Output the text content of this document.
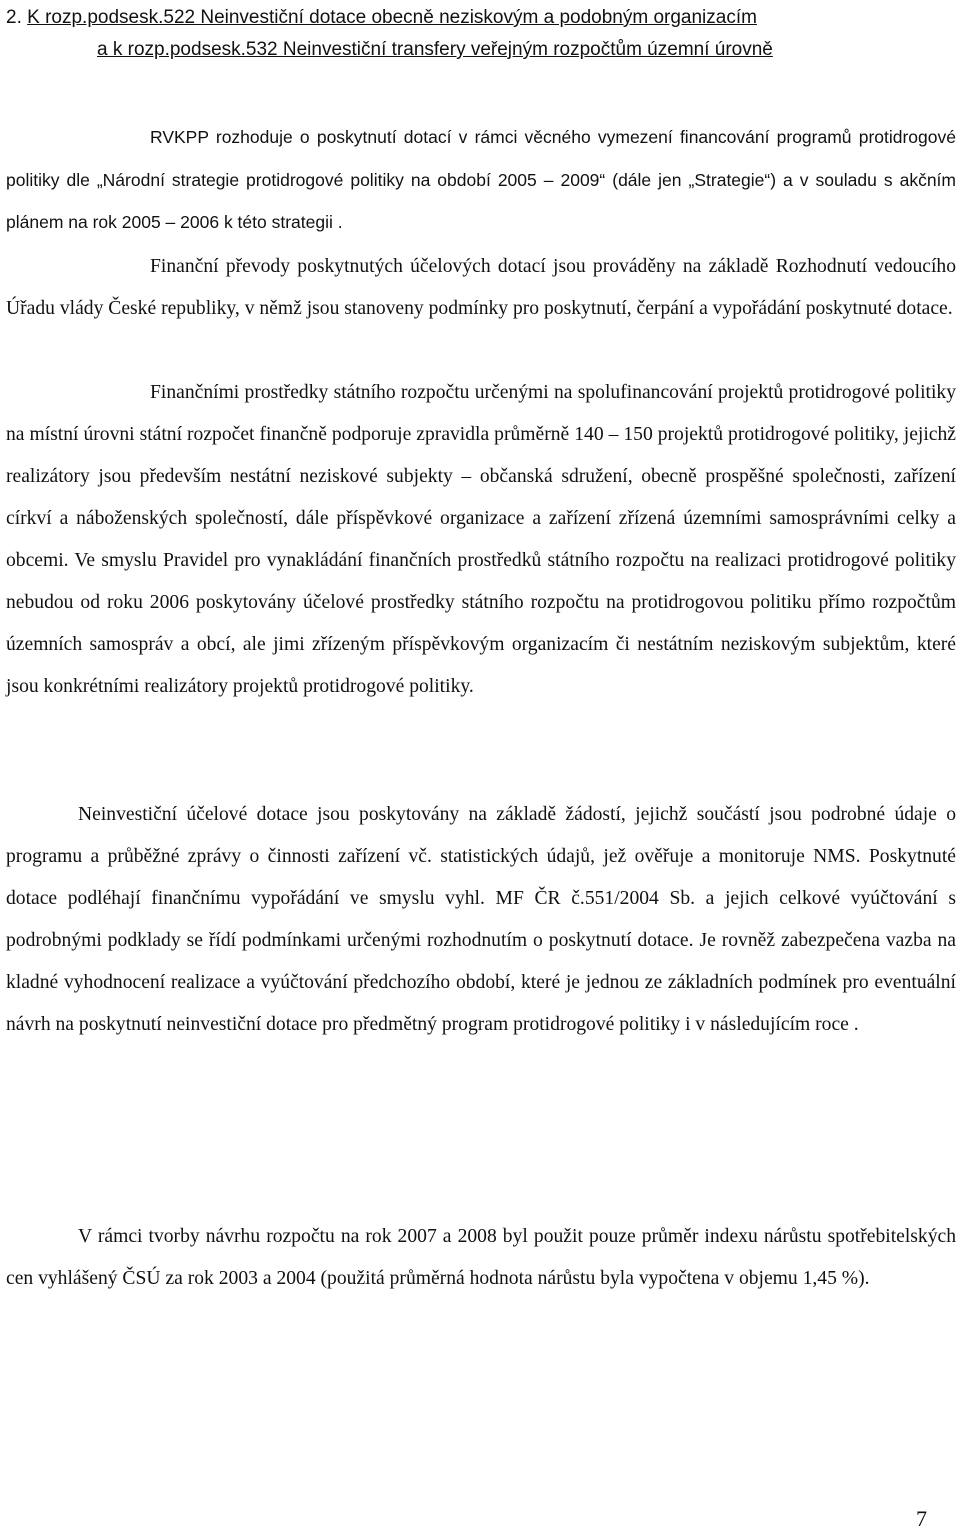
2. K rozp.podsesk.522 Neinvestiční dotace obecně neziskovým a podobným organizacím
a k rozp.podsesk.532 Neinvestiční transfery veřejným rozpočtům územní úrovně
RVKPP rozhoduje o poskytnutí dotací v rámci věcného vymezení financování programů protidrogové politiky dle „Národní strategie protidrogové politiky na období 2005 – 2009“ (dále jen „Strategie“) a v souladu s akčním plánem na rok 2005 – 2006 k této strategii .
Finanční převody poskytnutých účelových dotací jsou prováděny na základě Rozhodnutí vedoucího Úřadu vlády České republiky, v němž jsou stanoveny podmínky pro poskytnutí, čerpání a vypořádání poskytnuté dotace.
Finančními prostředky státního rozpočtu určenými na spolufinancování projektů protidrogové politiky na místní úrovni státní rozpočet finančně podporuje zpravidla průměrně 140 – 150 projektů protidrogové politiky, jejichž realizátory jsou především nestátní neziskové subjekty – občanská sdružení, obecně prospěšné společnosti, zařízení církví a náboženských společností, dále příspěvkové organizace a zařízení zřízená územními samosprávními celky a obcemi. Ve smyslu Pravidel pro vynakládání finančních prostředků státního rozpočtu na realizaci protidrogové politiky nebudou od roku 2006 poskytovány účelové prostředky státního rozpočtu na protidrogovou politiku přímo rozpočtům územních samospráv a obcí, ale jimi zřízeným příspěvkovým organizacím či nestátním neziskovým subjektům, které jsou konkrétními realizátory projektů protidrogové politiky.
Neinvestiční účelové dotace jsou poskytovány na základě žádostí, jejichž součástí jsou podrobné údaje o programu a průběžné zprávy o činnosti zařízení vč. statistických údajů, jež ověřuje a monitoruje NMS. Poskytnuté dotace podléhají finančnímu vypořádání ve smyslu vyhl. MF ČR č.551/2004 Sb. a jejich celkové vyúčtování s podrobnými podklady se řídí podmínkami určenými rozhodnutím o poskytnutí dotace. Je rovněž zabezpečena vazba na kladné vyhodnocení realizace a vyúčtování předchozího období, které je jednou ze základních podmínek pro eventuální návrh na poskytnutí neinvestiční dotace pro předmětný program protidrogové politiky i v následujícím roce .
V rámci tvorby návrhu rozpočtu na rok 2007 a 2008 byl použit pouze průměr indexu nárůstu spotřebitelských cen vyhlášený ČSÚ za rok 2003 a 2004 (použitá průměrná hodnota nárůstu byla vypočtena v objemu 1,45 %).
7
